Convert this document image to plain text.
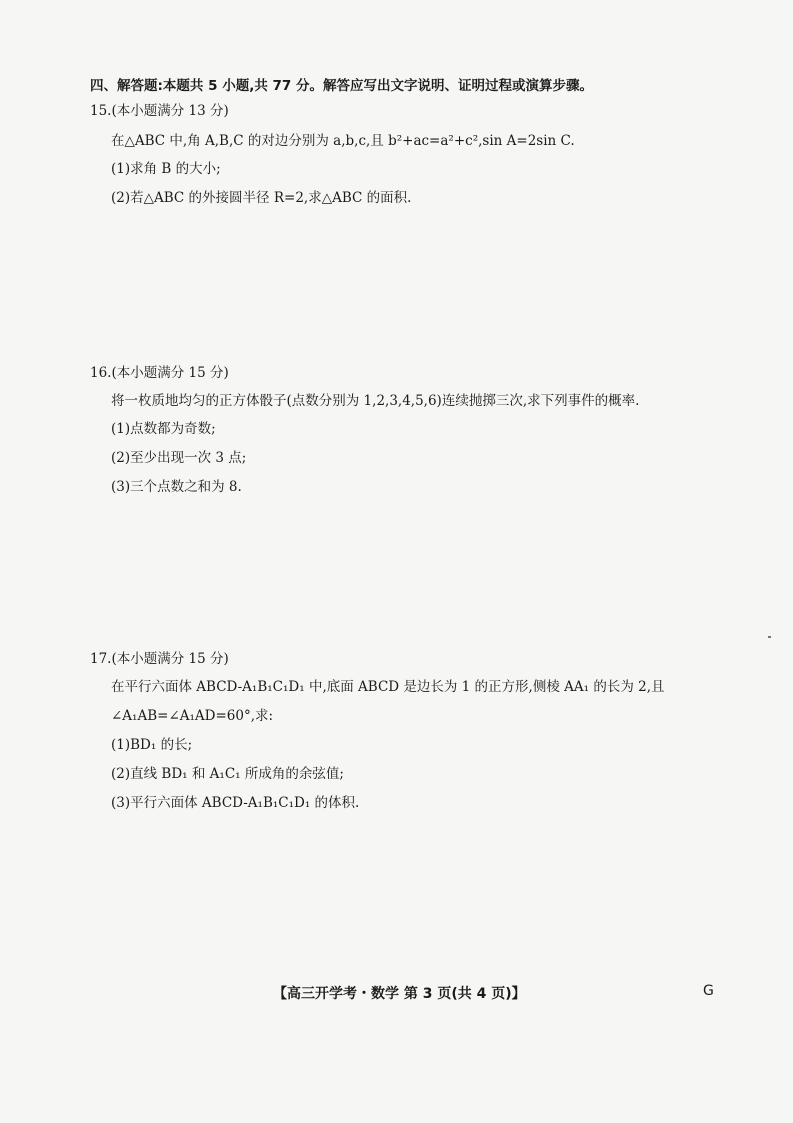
四、解答题:本题共 5 小题,共 77 分。解答应写出文字说明、证明过程或演算步骤。
15.(本小题满分 13 分)
在△ABC 中,角 A,B,C 的对边分别为 a,b,c,且 b²+ac=a²+c²,sin A=2sin C.
(1)求角 B 的大小;
(2)若△ABC 的外接圆半径 R=2,求△ABC 的面积.
16.(本小题满分 15 分)
将一枚质地均匀的正方体骰子(点数分别为 1,2,3,4,5,6)连续抛掷三次,求下列事件的概率.
(1)点数都为奇数;
(2)至少出现一次 3 点;
(3)三个点数之和为 8.
17.(本小题满分 15 分)
在平行六面体 ABCD-A₁B₁C₁D₁ 中,底面 ABCD 是边长为 1 的正方形,侧棱 AA₁ 的长为 2,且
∠A₁AB=∠A₁AD=60°,求:
(1)BD₁ 的长;
(2)直线 BD₁ 和 A₁C₁ 所成角的余弦值;
(3)平行六面体 ABCD-A₁B₁C₁D₁ 的体积.
【高三开学考・数学 第 3 页(共 4 页)】	G
